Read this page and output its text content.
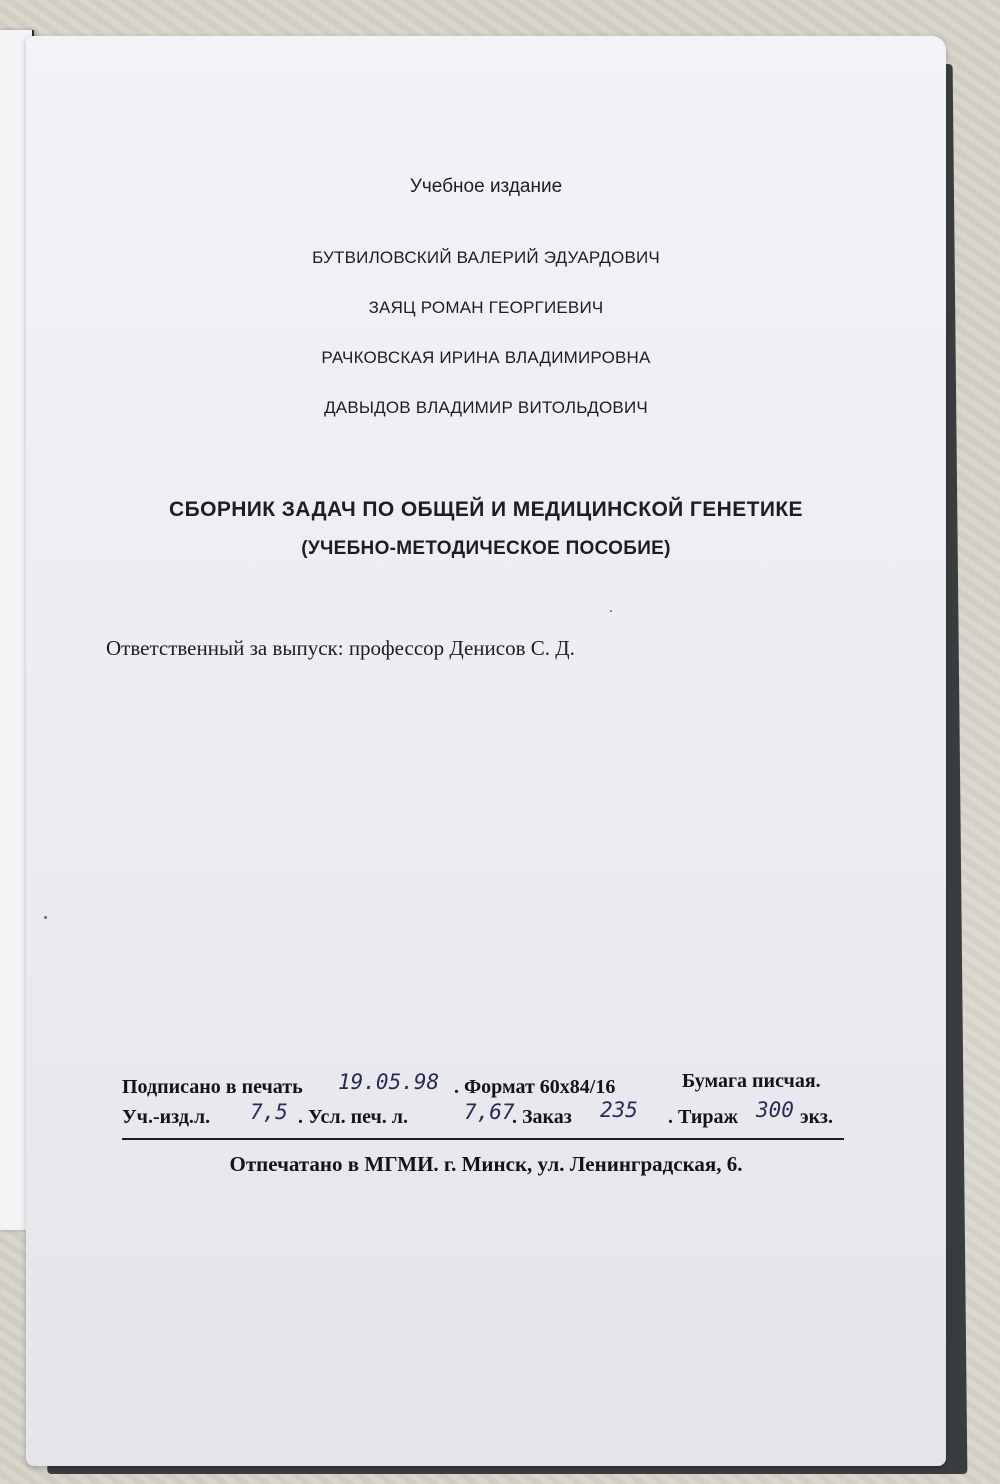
Учебное издание
БУТВИЛОВСКИЙ ВАЛЕРИЙ ЭДУАРДОВИЧ
ЗАЯЦ РОМАН ГЕОРГИЕВИЧ
РАЧКОВСКАЯ ИРИНА ВЛАДИМИРОВНА
ДАВЫДОВ ВЛАДИМИР ВИТОЛЬДОВИЧ
СБОРНИК ЗАДАЧ ПО ОБЩЕЙ И МЕДИЦИНСКОЙ ГЕНЕТИКЕ
(УЧЕБНО-МЕТОДИЧЕСКОЕ ПОСОБИЕ)
Ответственный за выпуск: профессор Денисов С. Д.
Подписано в печать 19.05.98 . Формат 60х84/16	Бумага писчая.
Уч.-изд.л. 7,5 . Усл. печ. л.	7,67
. Заказ 235 . Тираж 300 экз.
Отпечатано в МГМИ. г. Минск, ул. Ленинградская, 6.
